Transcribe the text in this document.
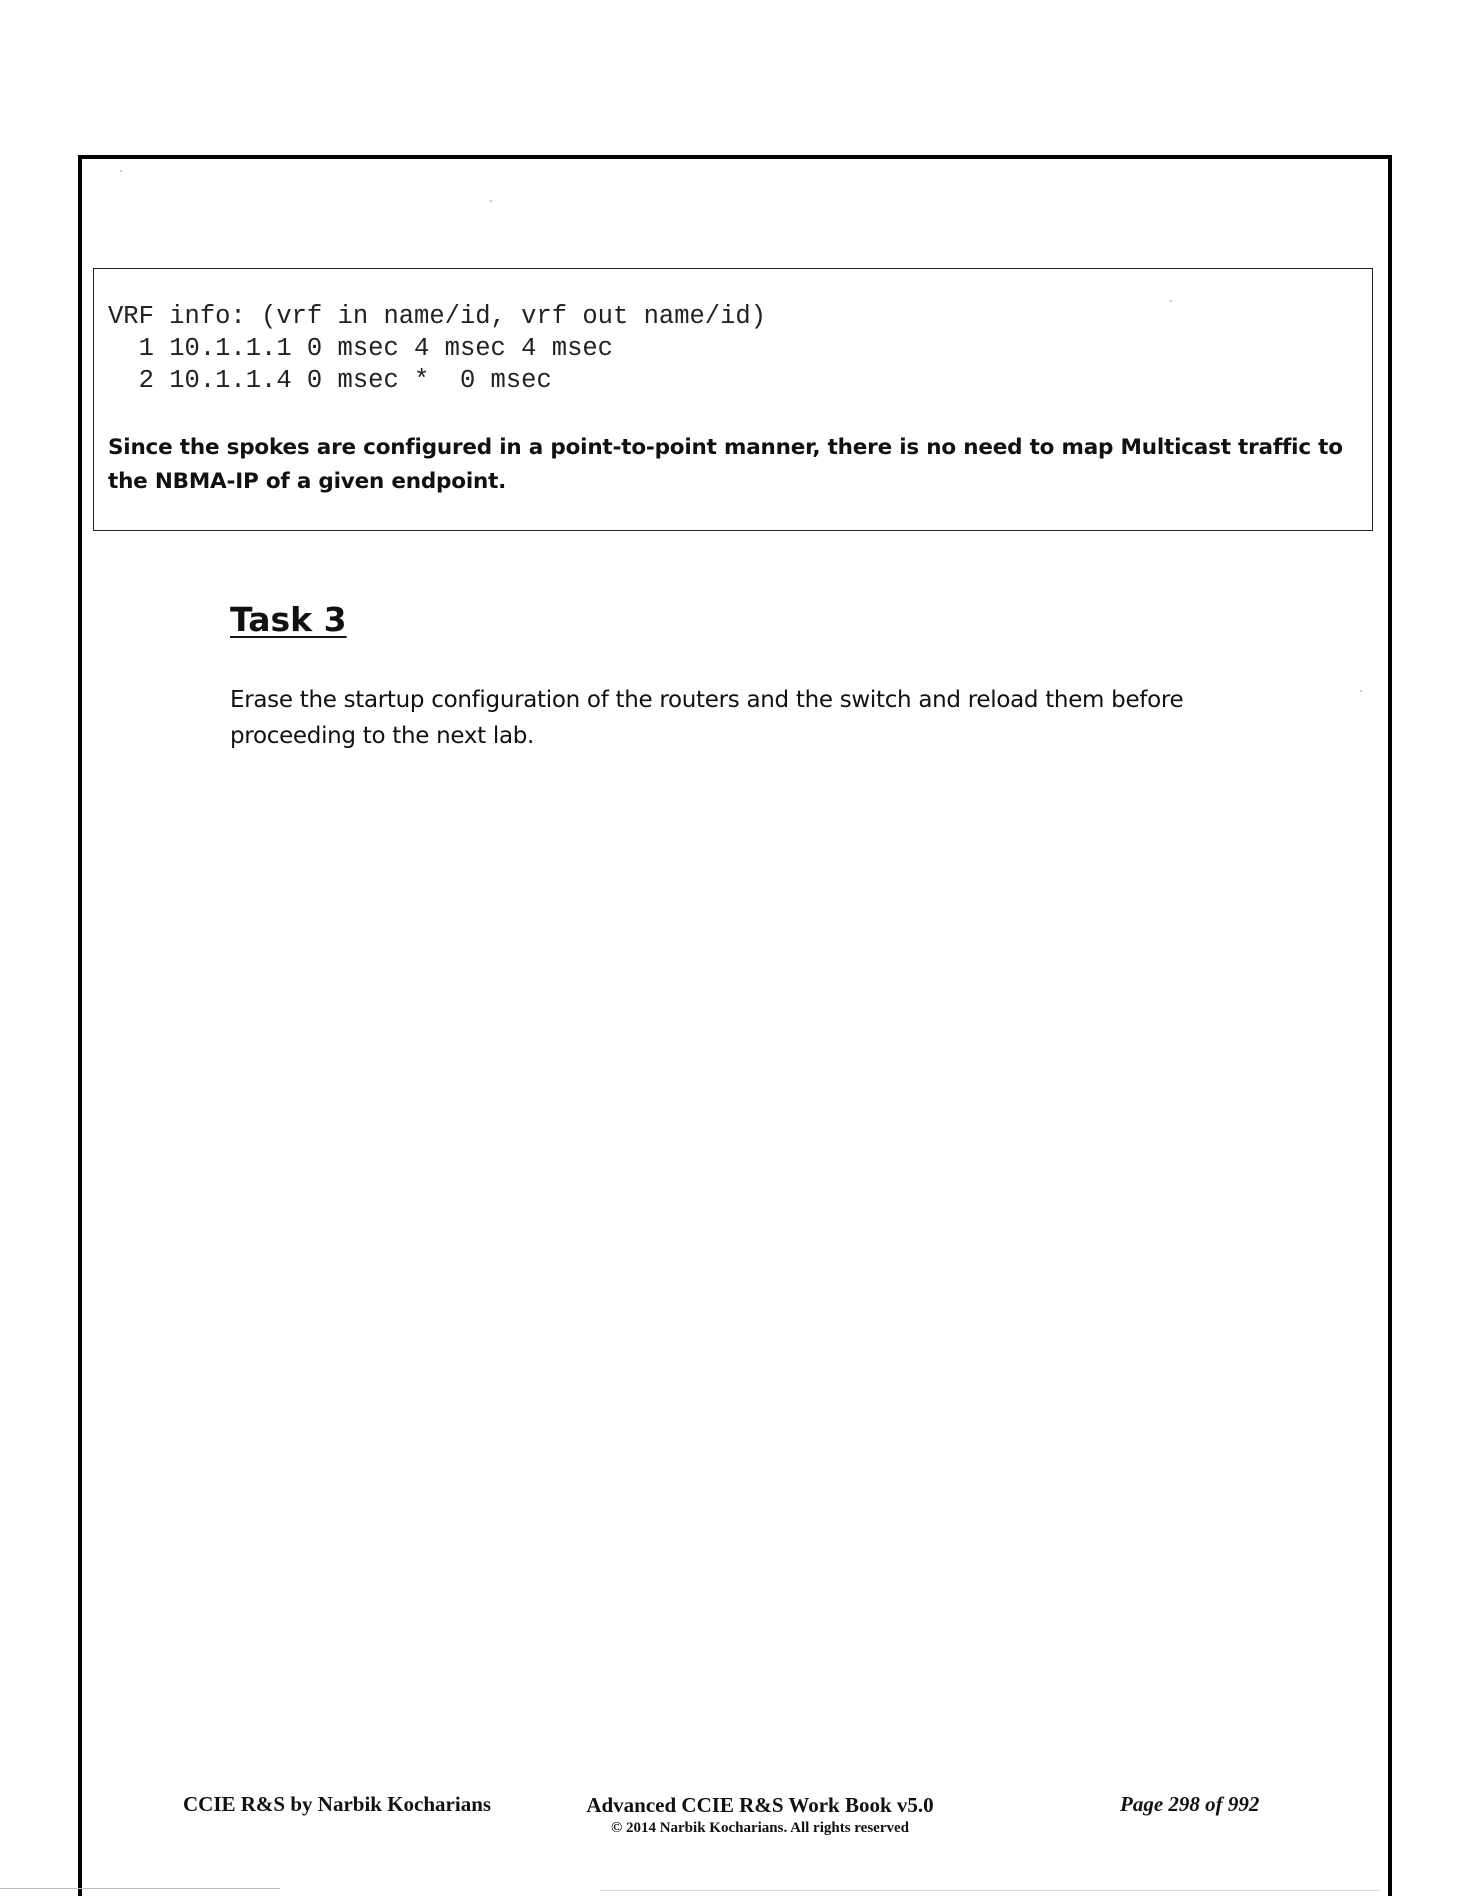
VRF info: (vrf in name/id, vrf out name/id)
1 10.1.1.1 0 msec 4 msec 4 msec
2 10.1.1.4 0 msec *  0 msec

Since the spokes are configured in a point-to-point manner, there is no need to map Multicast traffic to the NBMA-IP of a given endpoint.

Task 3

Erase the startup configuration of the routers and the switch and reload them before proceeding to the next lab.

CCIE R&S by Narbik Kocharians	Advanced CCIE R&S Work Book v5.0
© 2014 Narbik Kocharians. All rights reserved
Page 298 of 992
